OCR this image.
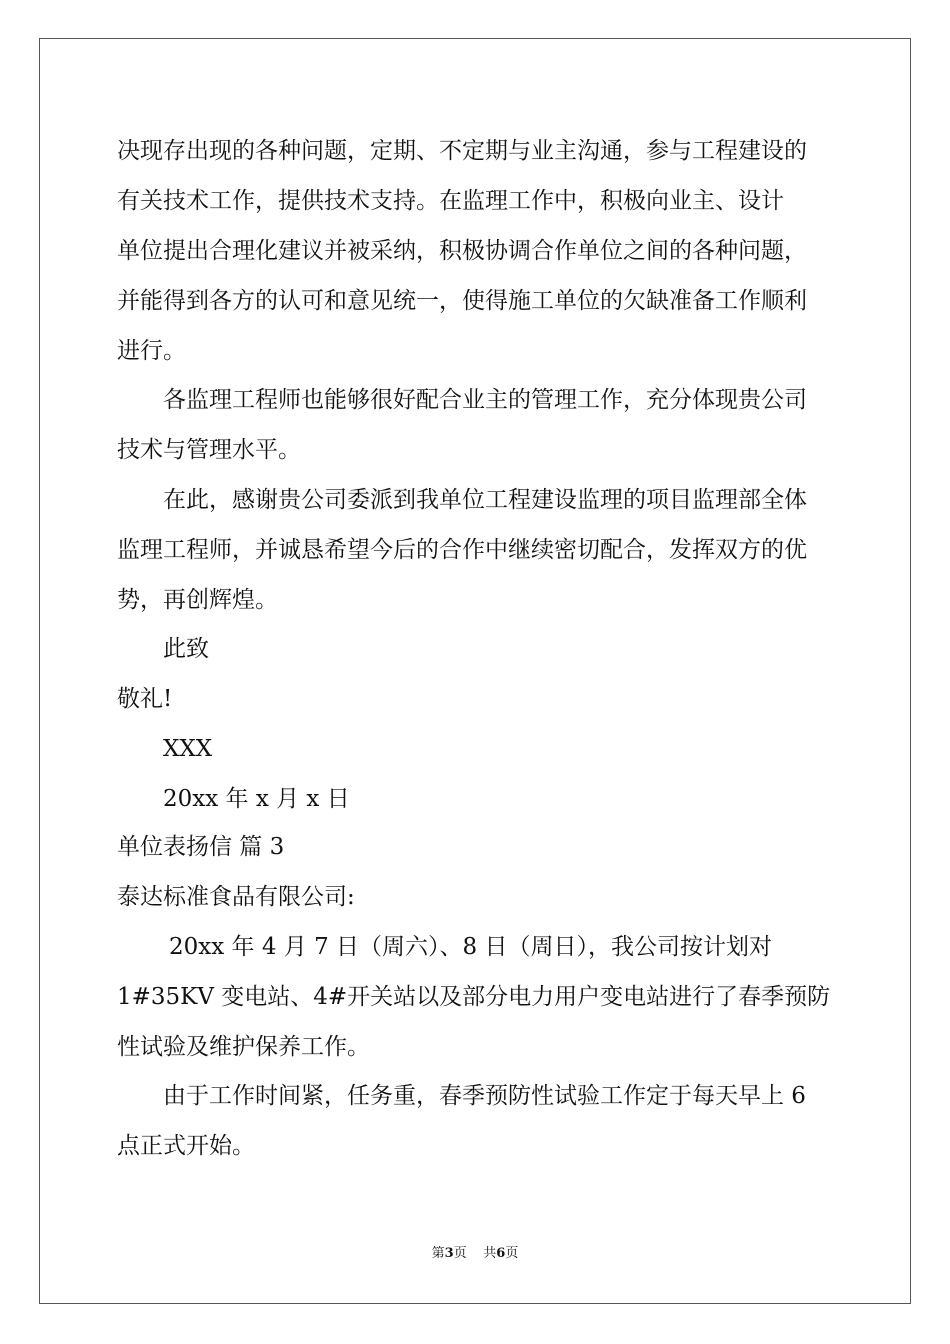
决现存出现的各种问题，定期、不定期与业主沟通，参与工程建设的
有关技术工作，提供技术支持。在监理工作中，积极向业主、设计
单位提出合理化建议并被采纳，积极协调合作单位之间的各种问题，
并能得到各方的认可和意见统一，使得施工单位的欠缺准备工作顺利
进行。
各监理工程师也能够很好配合业主的管理工作，充分体现贵公司
技术与管理水平。
在此，感谢贵公司委派到我单位工程建设监理的项目监理部全体
监理工程师，并诚恳希望今后的合作中继续密切配合，发挥双方的优
势，再创辉煌。
此致
敬礼!
XXX
20xx 年 x 月 x 日
单位表扬信 篇 3
泰达标准食品有限公司:
20xx 年 4 月 7 日（周六）、8 日（周日），我公司按计划对
1#35KV 变电站、4#开关站以及部分电力用户变电站进行了春季预防
性试验及维护保养工作。
由于工作时间紧，任务重，春季预防性试验工作定于每天早上 6
点正式开始。
第3页 共6页
